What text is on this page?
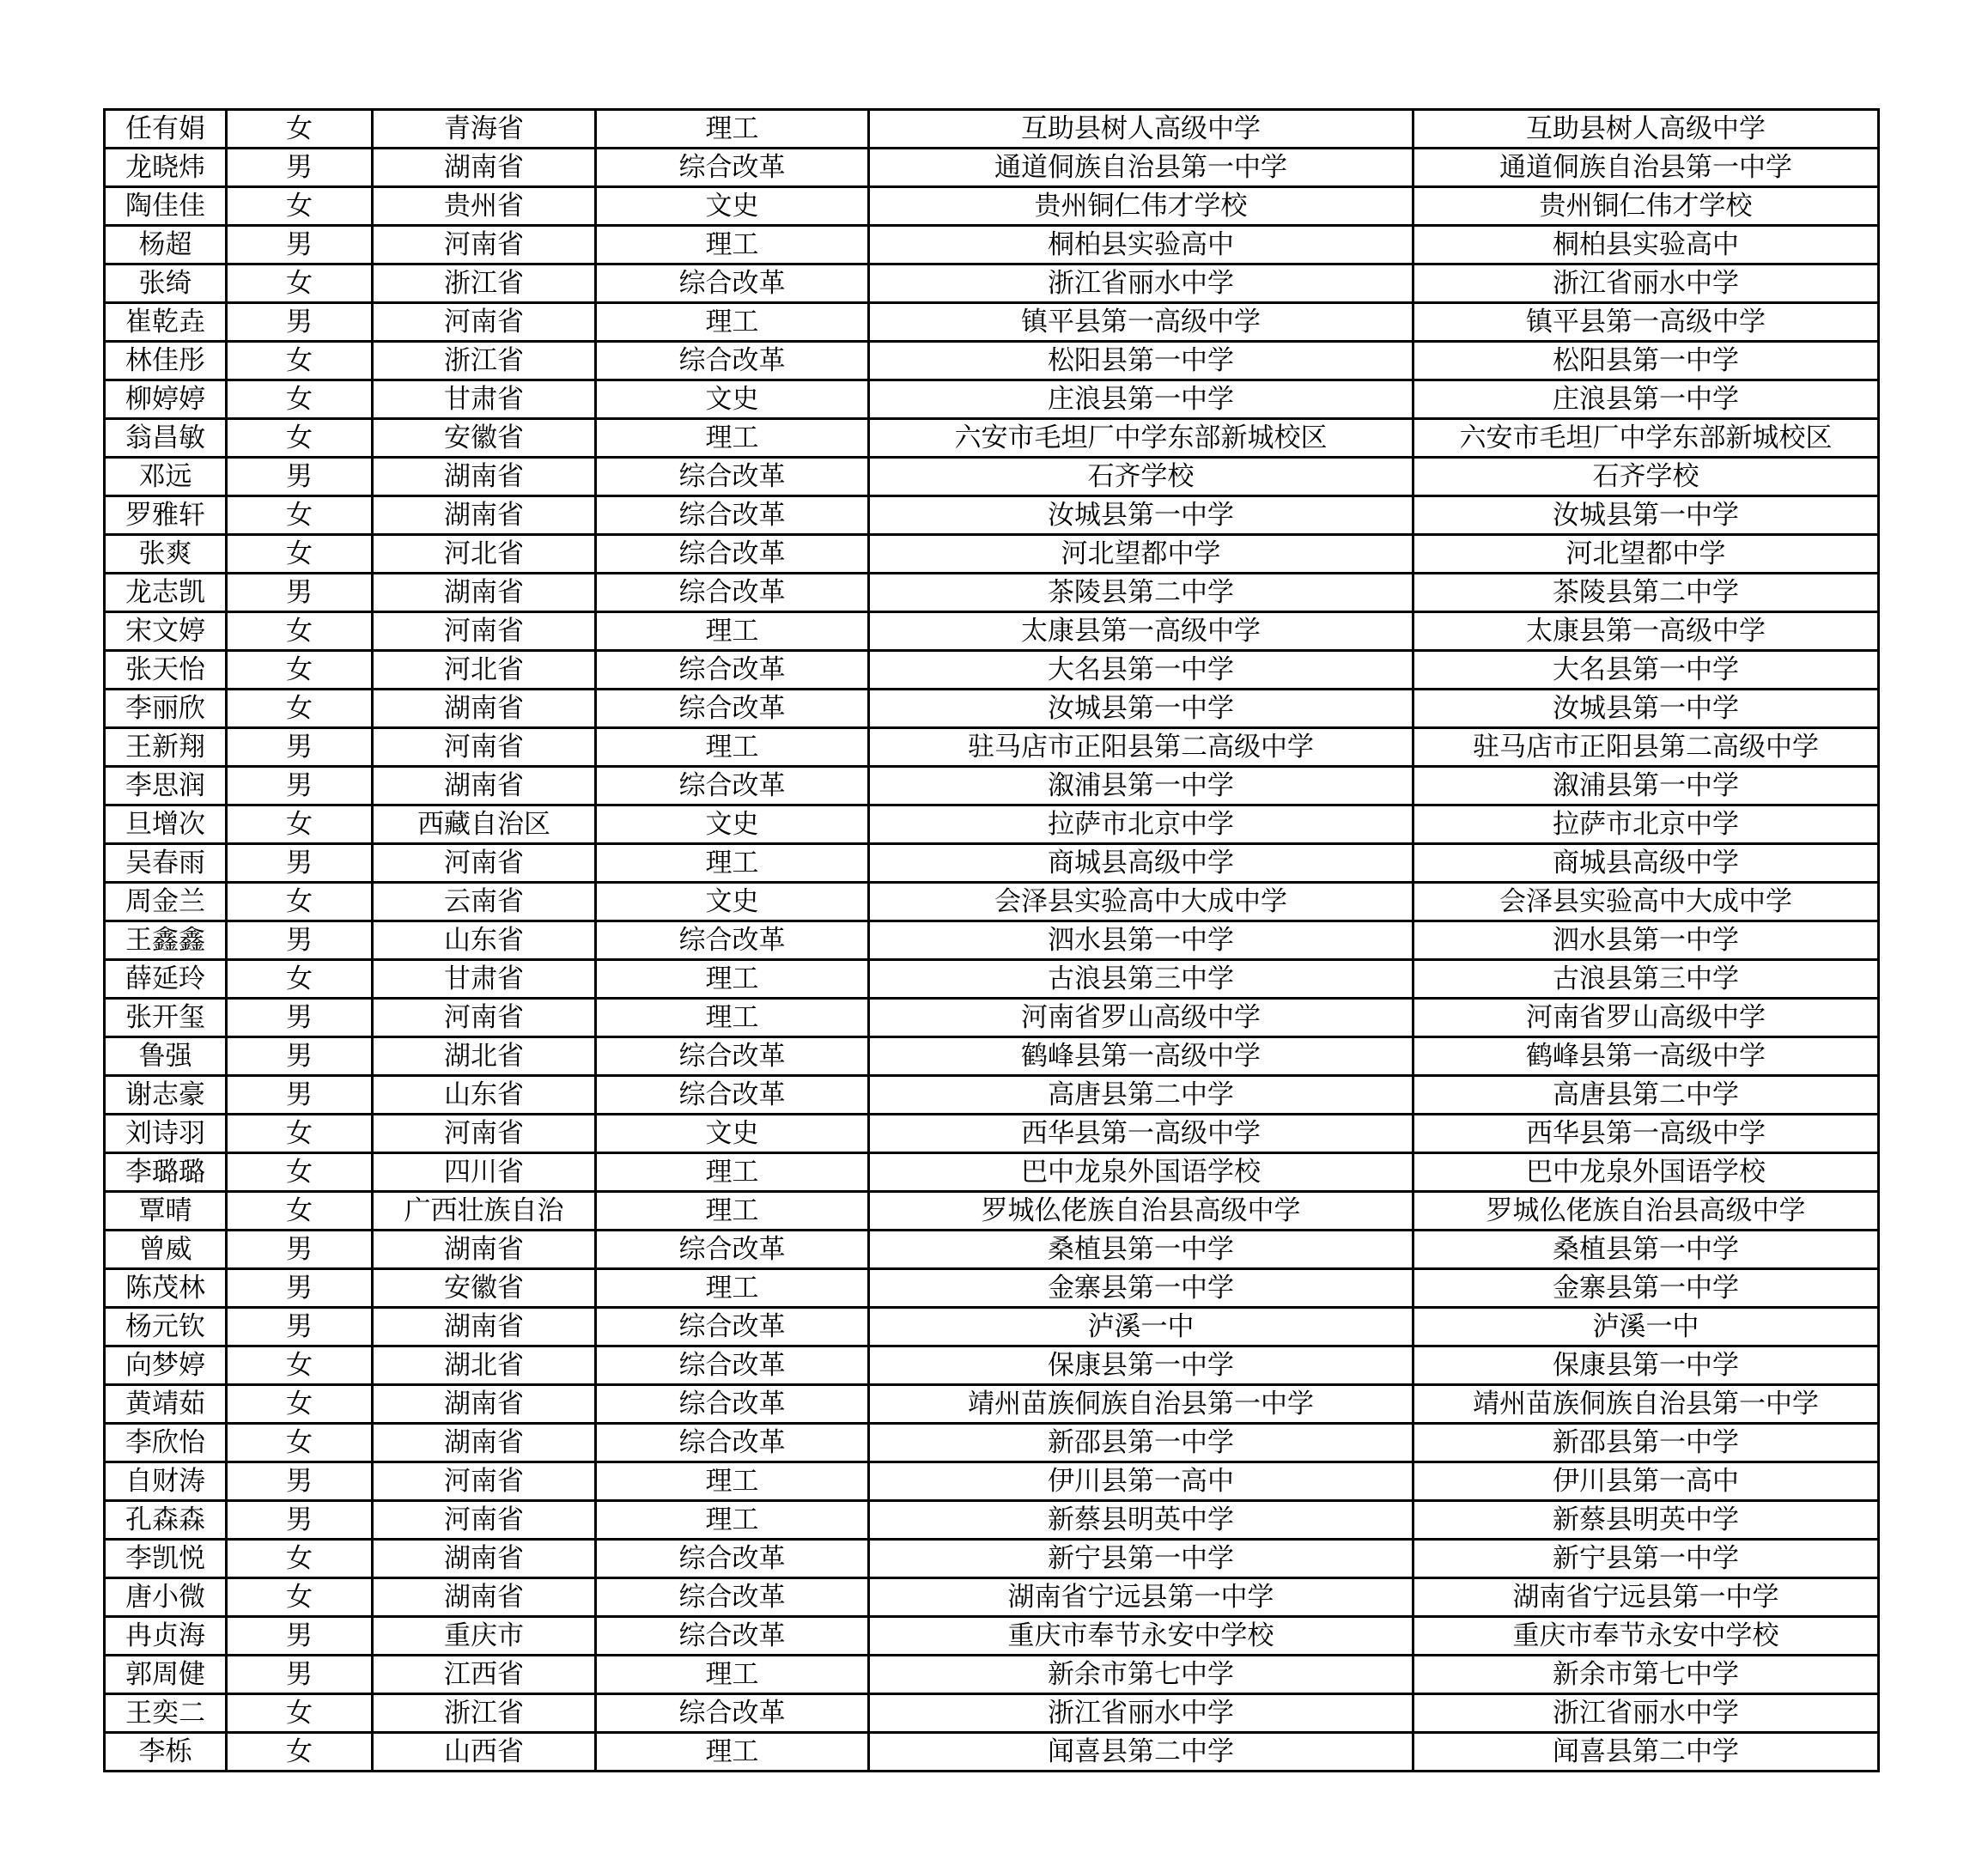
任有娟	女	青海省	理工	互助县树人高级中学	互助县树人高级中学
龙晓炜	男	湖南省	综合改革	通道侗族自治县第一中学	通道侗族自治县第一中学
陶佳佳	女	贵州省	文史	贵州铜仁伟才学校	贵州铜仁伟才学校
杨超	男	河南省	理工	桐柏县实验高中	桐柏县实验高中
张绮	女	浙江省	综合改革	浙江省丽水中学	浙江省丽水中学
崔乾垚	男	河南省	理工	镇平县第一高级中学	镇平县第一高级中学
林佳彤	女	浙江省	综合改革	松阳县第一中学	松阳县第一中学
柳婷婷	女	甘肃省	文史	庄浪县第一中学	庄浪县第一中学
翁昌敏	女	安徽省	理工	六安市毛坦厂中学东部新城校区	六安市毛坦厂中学东部新城校区
邓远	男	湖南省	综合改革	石齐学校	石齐学校
罗雅轩	女	湖南省	综合改革	汝城县第一中学	汝城县第一中学
张爽	女	河北省	综合改革	河北望都中学	河北望都中学
龙志凯	男	湖南省	综合改革	茶陵县第二中学	茶陵县第二中学
宋文婷	女	河南省	理工	太康县第一高级中学	太康县第一高级中学
张天怡	女	河北省	综合改革	大名县第一中学	大名县第一中学
李丽欣	女	湖南省	综合改革	汝城县第一中学	汝城县第一中学
王新翔	男	河南省	理工	驻马店市正阳县第二高级中学	驻马店市正阳县第二高级中学
李思润	男	湖南省	综合改革	溆浦县第一中学	溆浦县第一中学
旦增次	女	西藏自治区	文史	拉萨市北京中学	拉萨市北京中学
吴春雨	男	河南省	理工	商城县高级中学	商城县高级中学
周金兰	女	云南省	文史	会泽县实验高中大成中学	会泽县实验高中大成中学
王鑫鑫	男	山东省	综合改革	泗水县第一中学	泗水县第一中学
薛延玲	女	甘肃省	理工	古浪县第三中学	古浪县第三中学
张开玺	男	河南省	理工	河南省罗山高级中学	河南省罗山高级中学
鲁强	男	湖北省	综合改革	鹤峰县第一高级中学	鹤峰县第一高级中学
谢志豪	男	山东省	综合改革	高唐县第二中学	高唐县第二中学
刘诗羽	女	河南省	文史	西华县第一高级中学	西华县第一高级中学
李璐璐	女	四川省	理工	巴中龙泉外国语学校	巴中龙泉外国语学校
覃晴	女	广西壮族自治	理工	罗城仫佬族自治县高级中学	罗城仫佬族自治县高级中学
曾威	男	湖南省	综合改革	桑植县第一中学	桑植县第一中学
陈茂林	男	安徽省	理工	金寨县第一中学	金寨县第一中学
杨元钦	男	湖南省	综合改革	泸溪一中	泸溪一中
向梦婷	女	湖北省	综合改革	保康县第一中学	保康县第一中学
黄靖茹	女	湖南省	综合改革	靖州苗族侗族自治县第一中学	靖州苗族侗族自治县第一中学
李欣怡	女	湖南省	综合改革	新邵县第一中学	新邵县第一中学
自财涛	男	河南省	理工	伊川县第一高中	伊川县第一高中
孔森森	男	河南省	理工	新蔡县明英中学	新蔡县明英中学
李凯悦	女	湖南省	综合改革	新宁县第一中学	新宁县第一中学
唐小微	女	湖南省	综合改革	湖南省宁远县第一中学	湖南省宁远县第一中学
冉贞海	男	重庆市	综合改革	重庆市奉节永安中学校	重庆市奉节永安中学校
郭周健	男	江西省	理工	新余市第七中学	新余市第七中学
王奕二	女	浙江省	综合改革	浙江省丽水中学	浙江省丽水中学
李栎	女	山西省	理工	闻喜县第二中学	闻喜县第二中学
